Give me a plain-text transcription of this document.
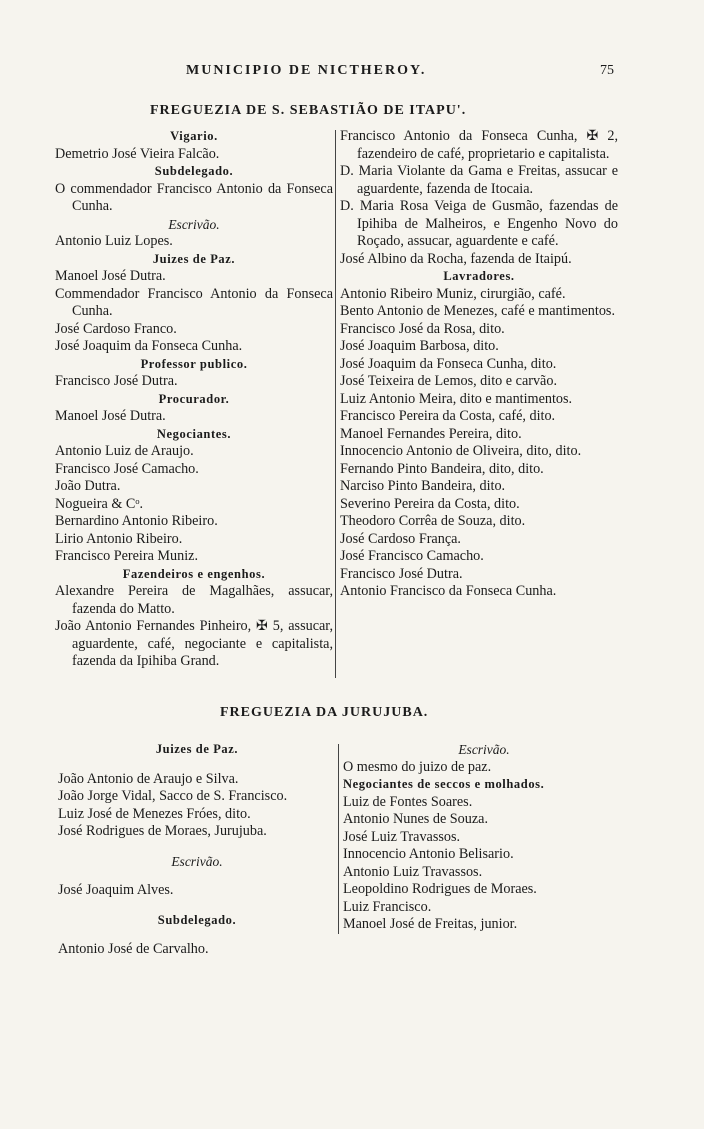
MUNICIPIO DE NICTHEROY.	75
FREGUEZIA DE S. SEBASTIÃO DE ITAPU'.
Vigario.
Demetrio José Vieira Falcão.
Subdelegado.
O commendador Francisco Antonio da Fonseca Cunha.
Escrivão.
Antonio Luiz Lopes.
Juizes de Paz.
Manoel José Dutra.
Commendador Francisco Antonio da Fonseca Cunha.
José Cardoso Franco.
José Joaquim da Fonseca Cunha.
Professor publico.
Francisco José Dutra.
Procurador.
Manoel José Dutra.
Negociantes.
Antonio Luiz de Araujo.
Francisco José Camacho.
João Dutra.
Nogueira & Cᵒ.
Bernardino Antonio Ribeiro.
Lirio Antonio Ribeiro.
Francisco Pereira Muniz.
Fazendeiros e engenhos.
Alexandre Pereira de Magalhães, assucar, fazenda do Matto.
João Antonio Fernandes Pinheiro, ✠ 5, assucar, aguardente, café, negociante e capitalista, fazenda da Ipihiba Grand.
Francisco Antonio da Fonseca Cunha, ✠ 2, fazendeiro de café, proprietario e capitalista.
D. Maria Violante da Gama e Freitas, assucar e aguardente, fazenda de Itocaia.
D. Maria Rosa Veiga de Gusmão, fazendas de Ipihiba de Malheiros, e Engenho Novo do Roçado, assucar, aguardente e café.
José Albino da Rocha, fazenda de Itaipú.
Lavradores.
Antonio Ribeiro Muniz, cirurgião, café.
Bento Antonio de Menezes, café e mantimentos.
Francisco José da Rosa, dito.
José Joaquim Barbosa, dito.
José Joaquim da Fonseca Cunha, dito.
José Teixeira de Lemos, dito e carvão.
Luiz Antonio Meira, dito e mantimentos.
Francisco Pereira da Costa, café, dito.
Manoel Fernandes Pereira, dito.
Innocencio Antonio de Oliveira, dito, dito.
Fernando Pinto Bandeira, dito, dito.
Narciso Pinto Bandeira, dito.
Severino Pereira da Costa, dito.
Theodoro Corrêa de Souza, dito.
José Cardoso França.
José Francisco Camacho.
Francisco José Dutra.
Antonio Francisco da Fonseca Cunha.
FREGUEZIA DA JURUJUBA.
Juizes de Paz.
João Antonio de Araujo e Silva.
João Jorge Vidal, Sacco de S. Francisco.
Luiz José de Menezes Fróes, dito.
José Rodrigues de Moraes, Jurujuba.
Escrivão.
José Joaquim Alves.
Subdelegado.
Antonio José de Carvalho.
Escrivão.
O mesmo do juizo de paz.
Negociantes de seccos e molhados.
Luiz de Fontes Soares.
Antonio Nunes de Souza.
José Luiz Travassos.
Innocencio Antonio Belisario.
Antonio Luiz Travassos.
Leopoldino Rodrigues de Moraes.
Luiz Francisco.
Manoel José de Freitas, junior.
